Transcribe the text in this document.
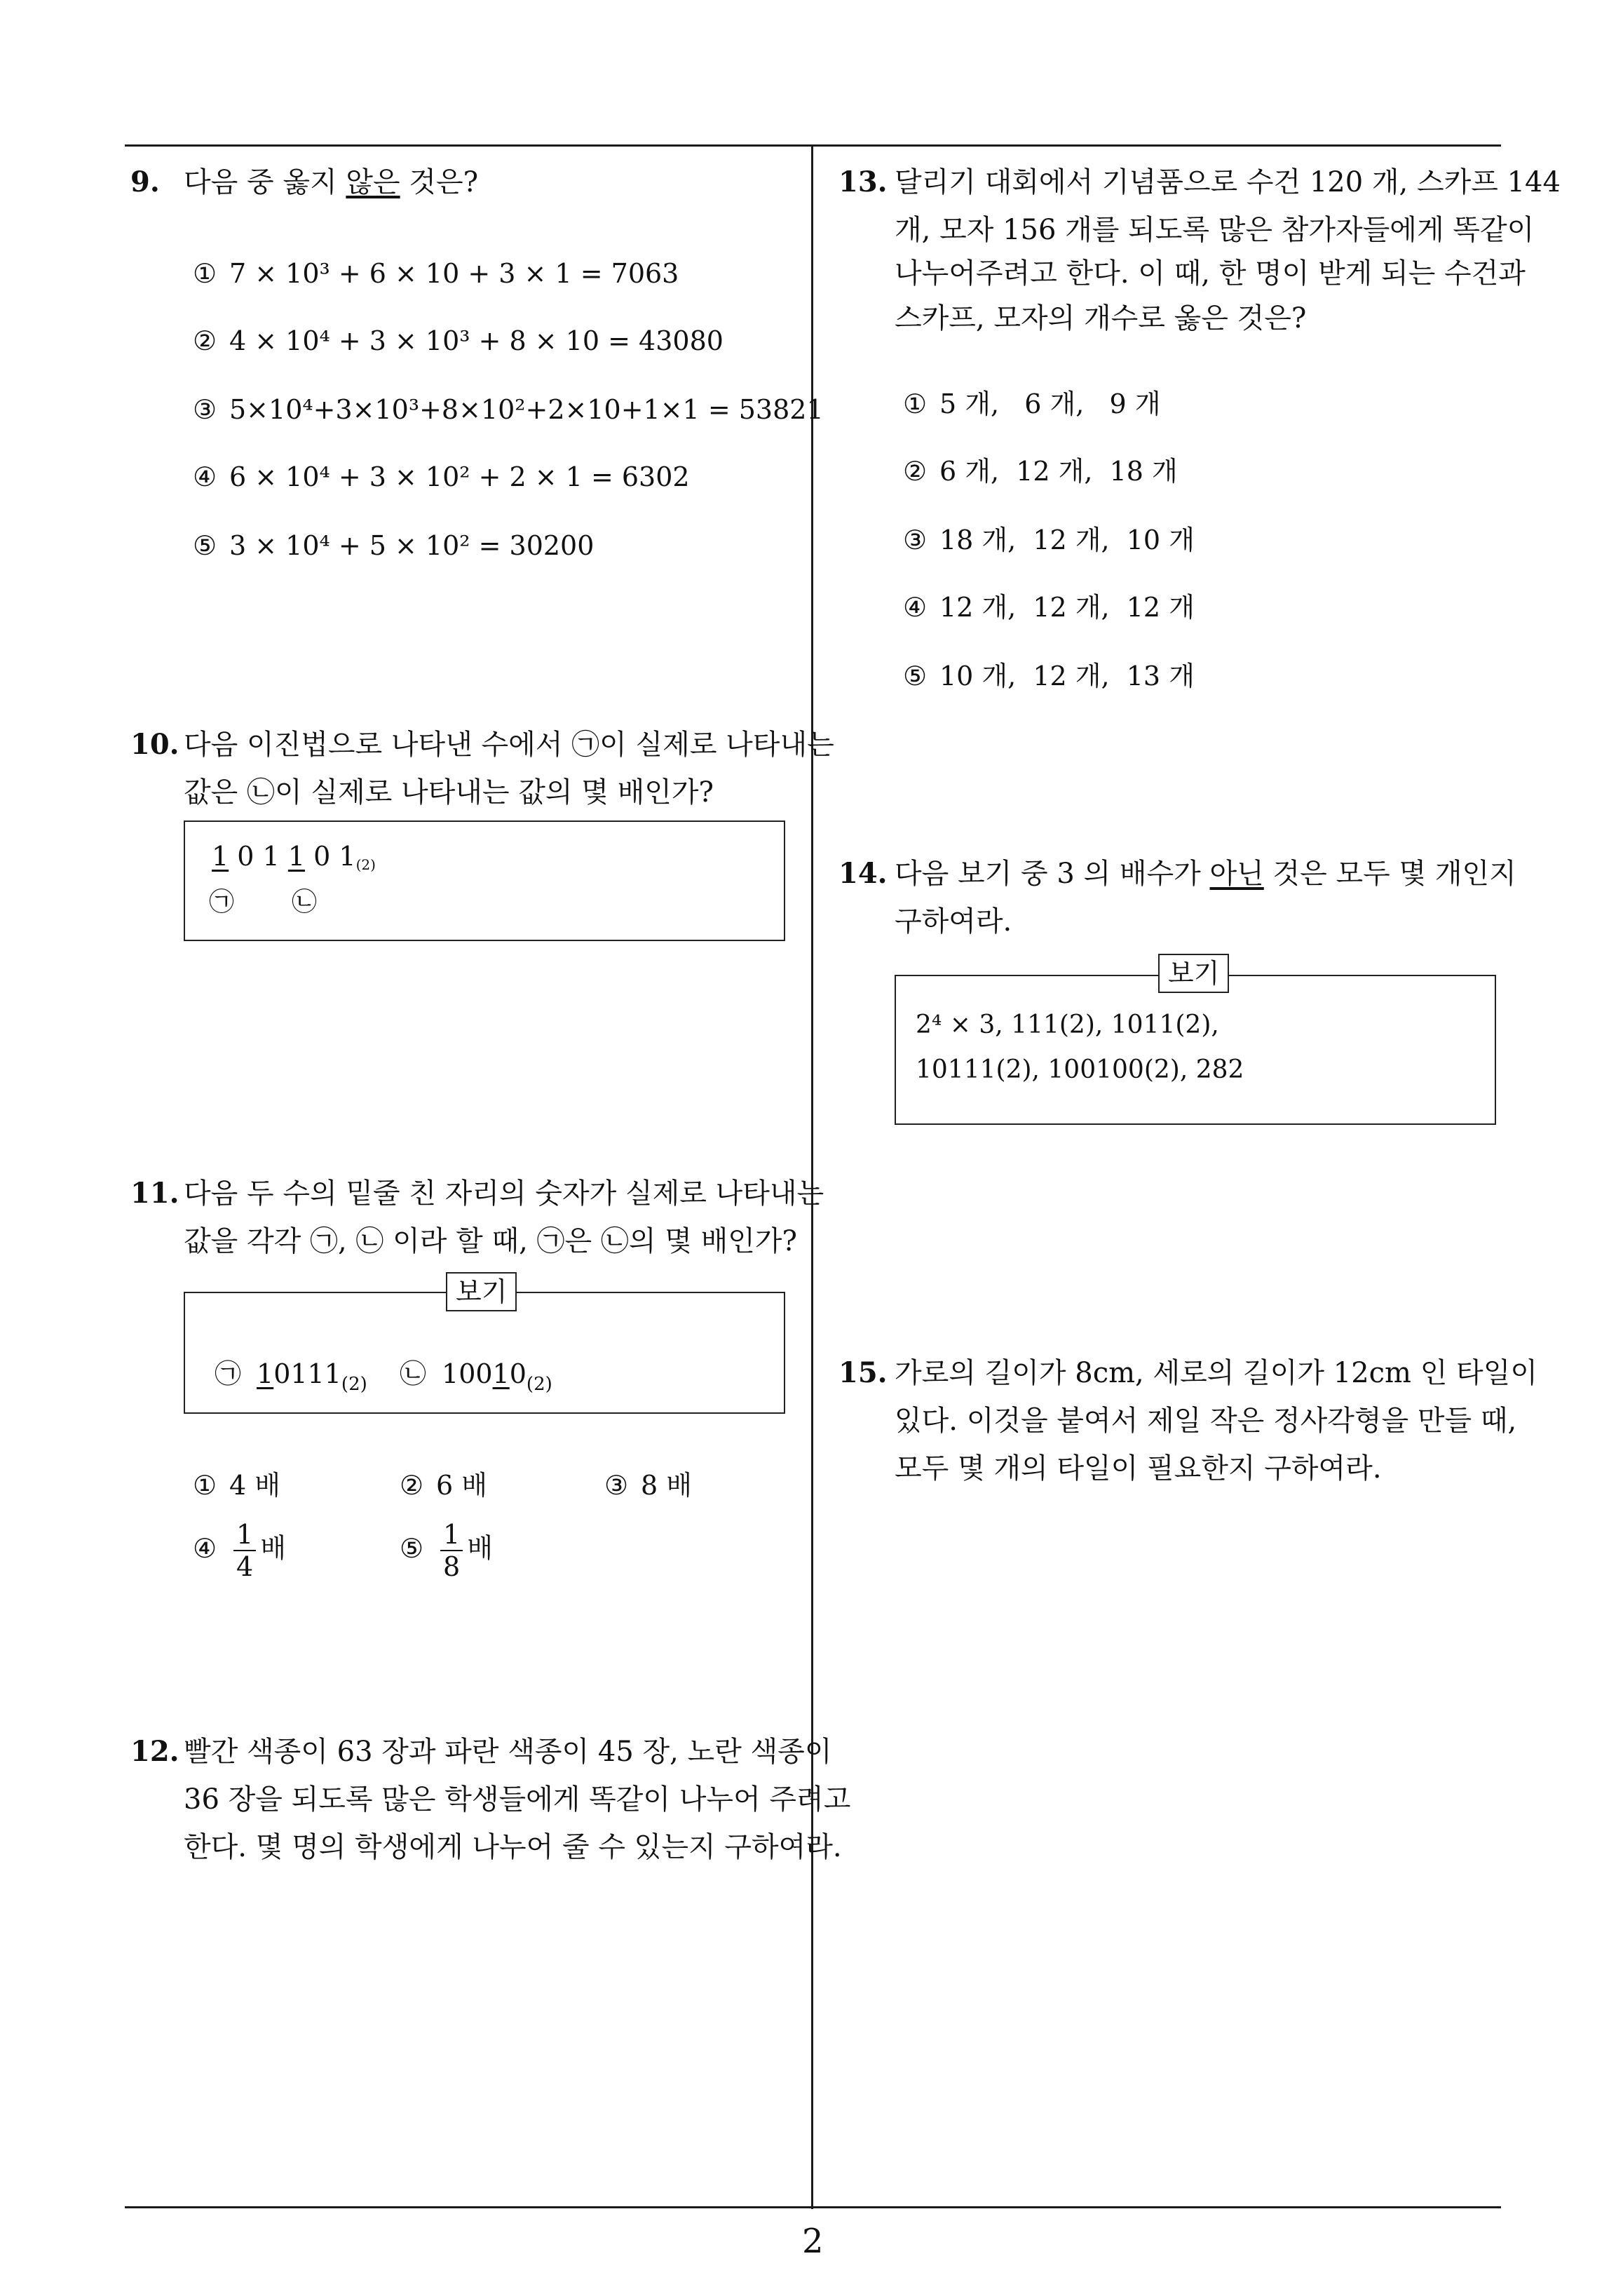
9. 다음 중 옳지 않은 것은?
① 7 × 10³ + 6 × 10 + 3 × 1 = 7063
② 4 × 10⁴ + 3 × 10³ + 8 × 10 = 43080
③ 5×10⁴+3×10³+8×10²+2×10+1×1 = 53821
④ 6 × 10⁴ + 3 × 10² + 2 × 1 = 6302
⑤ 3 × 10⁴ + 5 × 10² = 30200
10. 다음 이진법으로 나타낸 수에서 ㉠이 실제로 나타내는
값은 ㉡이 실제로 나타내는 값의 몇 배인가?
1 0 1 1 0 1(2)
㉠ ㉡
11. 다음 두 수의 밑줄 친 자리의 숫자가 실제로 나타내는
값을 각각 ㉠, ㉡ 이라 할 때, ㉠은 ㉡의 몇 배인가?
보기
㉠ $10111_{(2)}$ ㉡ $10010_{(2)}$
① 4 배	② 6 배	③ 8 배
④ $\frac{1}{4}$ 배	⑤ $\frac{1}{8}$ 배
12. 빨간 색종이 63 장과 파란 색종이 45 장, 노란 색종이
36 장을 되도록 많은 학생들에게 똑같이 나누어 주려고
한다. 몇 명의 학생에게 나누어 줄 수 있는지 구하여라.
13. 달리기 대회에서 기념품으로 수건 120 개, 스카프 144
개, 모자 156 개를 되도록 많은 참가자들에게 똑같이
나누어주려고 한다. 이 때, 한 명이 받게 되는 수건과
스카프, 모자의 개수로 옳은 것은?
① 5 개,   6 개,   9 개
② 6 개,  12 개,  18 개
③ 18 개,  12 개,  10 개
④ 12 개,  12 개,  12 개
⑤ 10 개,  12 개,  13 개
14. 다음 보기 중 3 의 배수가 아닌 것은 모두 몇 개인지
구하여라.
보기
2⁴ × 3, 111(2), 1011(2),
10111(2), 100100(2), 282
15. 가로의 길이가 8cm, 세로의 길이가 12cm 인 타일이
있다. 이것을 붙여서 제일 작은 정사각형을 만들 때,
모두 몇 개의 타일이 필요한지 구하여라.
2
